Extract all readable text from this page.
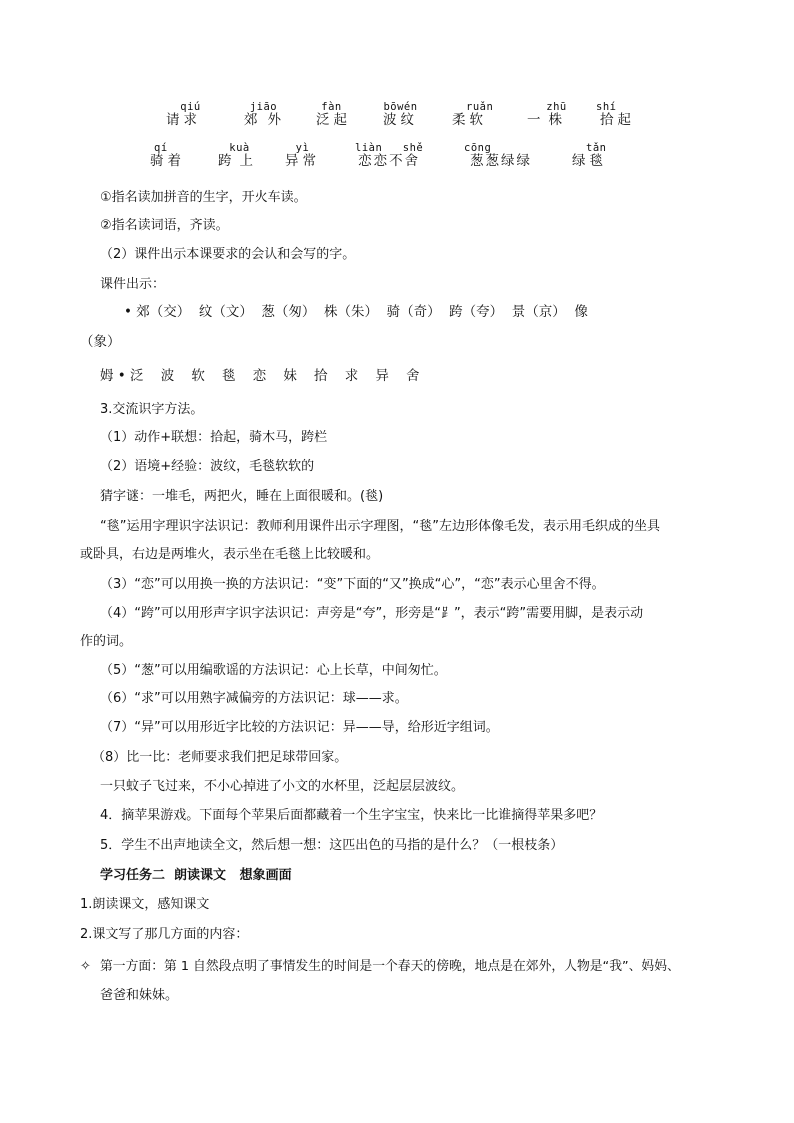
qiú
请求
jiāo
郊外
fàn
泛起
bōwén
波纹
ruǎn
柔软
zhū
一株
shí
拾起
qí
骑着
kuà
跨上
yì
异常
liàn   shě
恋恋不舍
cōng
葱葱绿绿
tǎn
绿毯
①指名读加拼音的生字，开火车读。
②指名读词语，齐读。
（2）课件出示本课要求的会认和会写的字。
课件出示：
• 郊（交）  纹（文）  葱（匆）  株（朱）  骑（奇）  跨（夸）  景（京）  像
（象）
姆 • 泛    波    软    毯    恋    妹    拾    求    异    舍
3.交流识字方法。
（1）动作+联想：拾起，骑木马，跨栏
（2）语境+经验：波纹，毛毯软软的
猜字谜：一堆毛，两把火，睡在上面很暖和。(毯)
“毯”运用字理识字法识记：教师利用课件出示字理图，“毯”左边形体像毛发，表示用毛织成的坐具
或卧具，右边是两堆火，表示坐在毛毯上比较暖和。
（3）“恋”可以用换一换的方法识记：“变”下面的“又”换成“心”，“恋”表示心里舍不得。
（4）“跨”可以用形声字识字法识记：声旁是“夸”，形旁是“⻊”，表示“跨”需要用脚，是表示动
作的词。
（5）“葱”可以用编歌谣的方法识记：心上长草，中间匆忙。
（6）“求”可以用熟字减偏旁的方法识记：球——求。
（7）“异”可以用形近字比较的方法识记：异——导，给形近字组词。
（8）比一比：老师要求我们把足球带回家。
一只蚊子飞过来，不小心掉进了小文的水杯里，泛起层层波纹。
4．摘苹果游戏。下面每个苹果后面都藏着一个生字宝宝，快来比一比谁摘得苹果多吧？
5．学生不出声地读全文，然后想一想：这匹出色的马指的是什么？（一根枝条）
学习任务二  朗读课文   想象画面
1.朗读课文，感知课文
2.课文写了那几方面的内容：
✧ 第一方面：第 1 自然段点明了事情发生的时间是一个春天的傍晚，地点是在郊外，人物是“我”、妈妈、
爸爸和妹妹。
